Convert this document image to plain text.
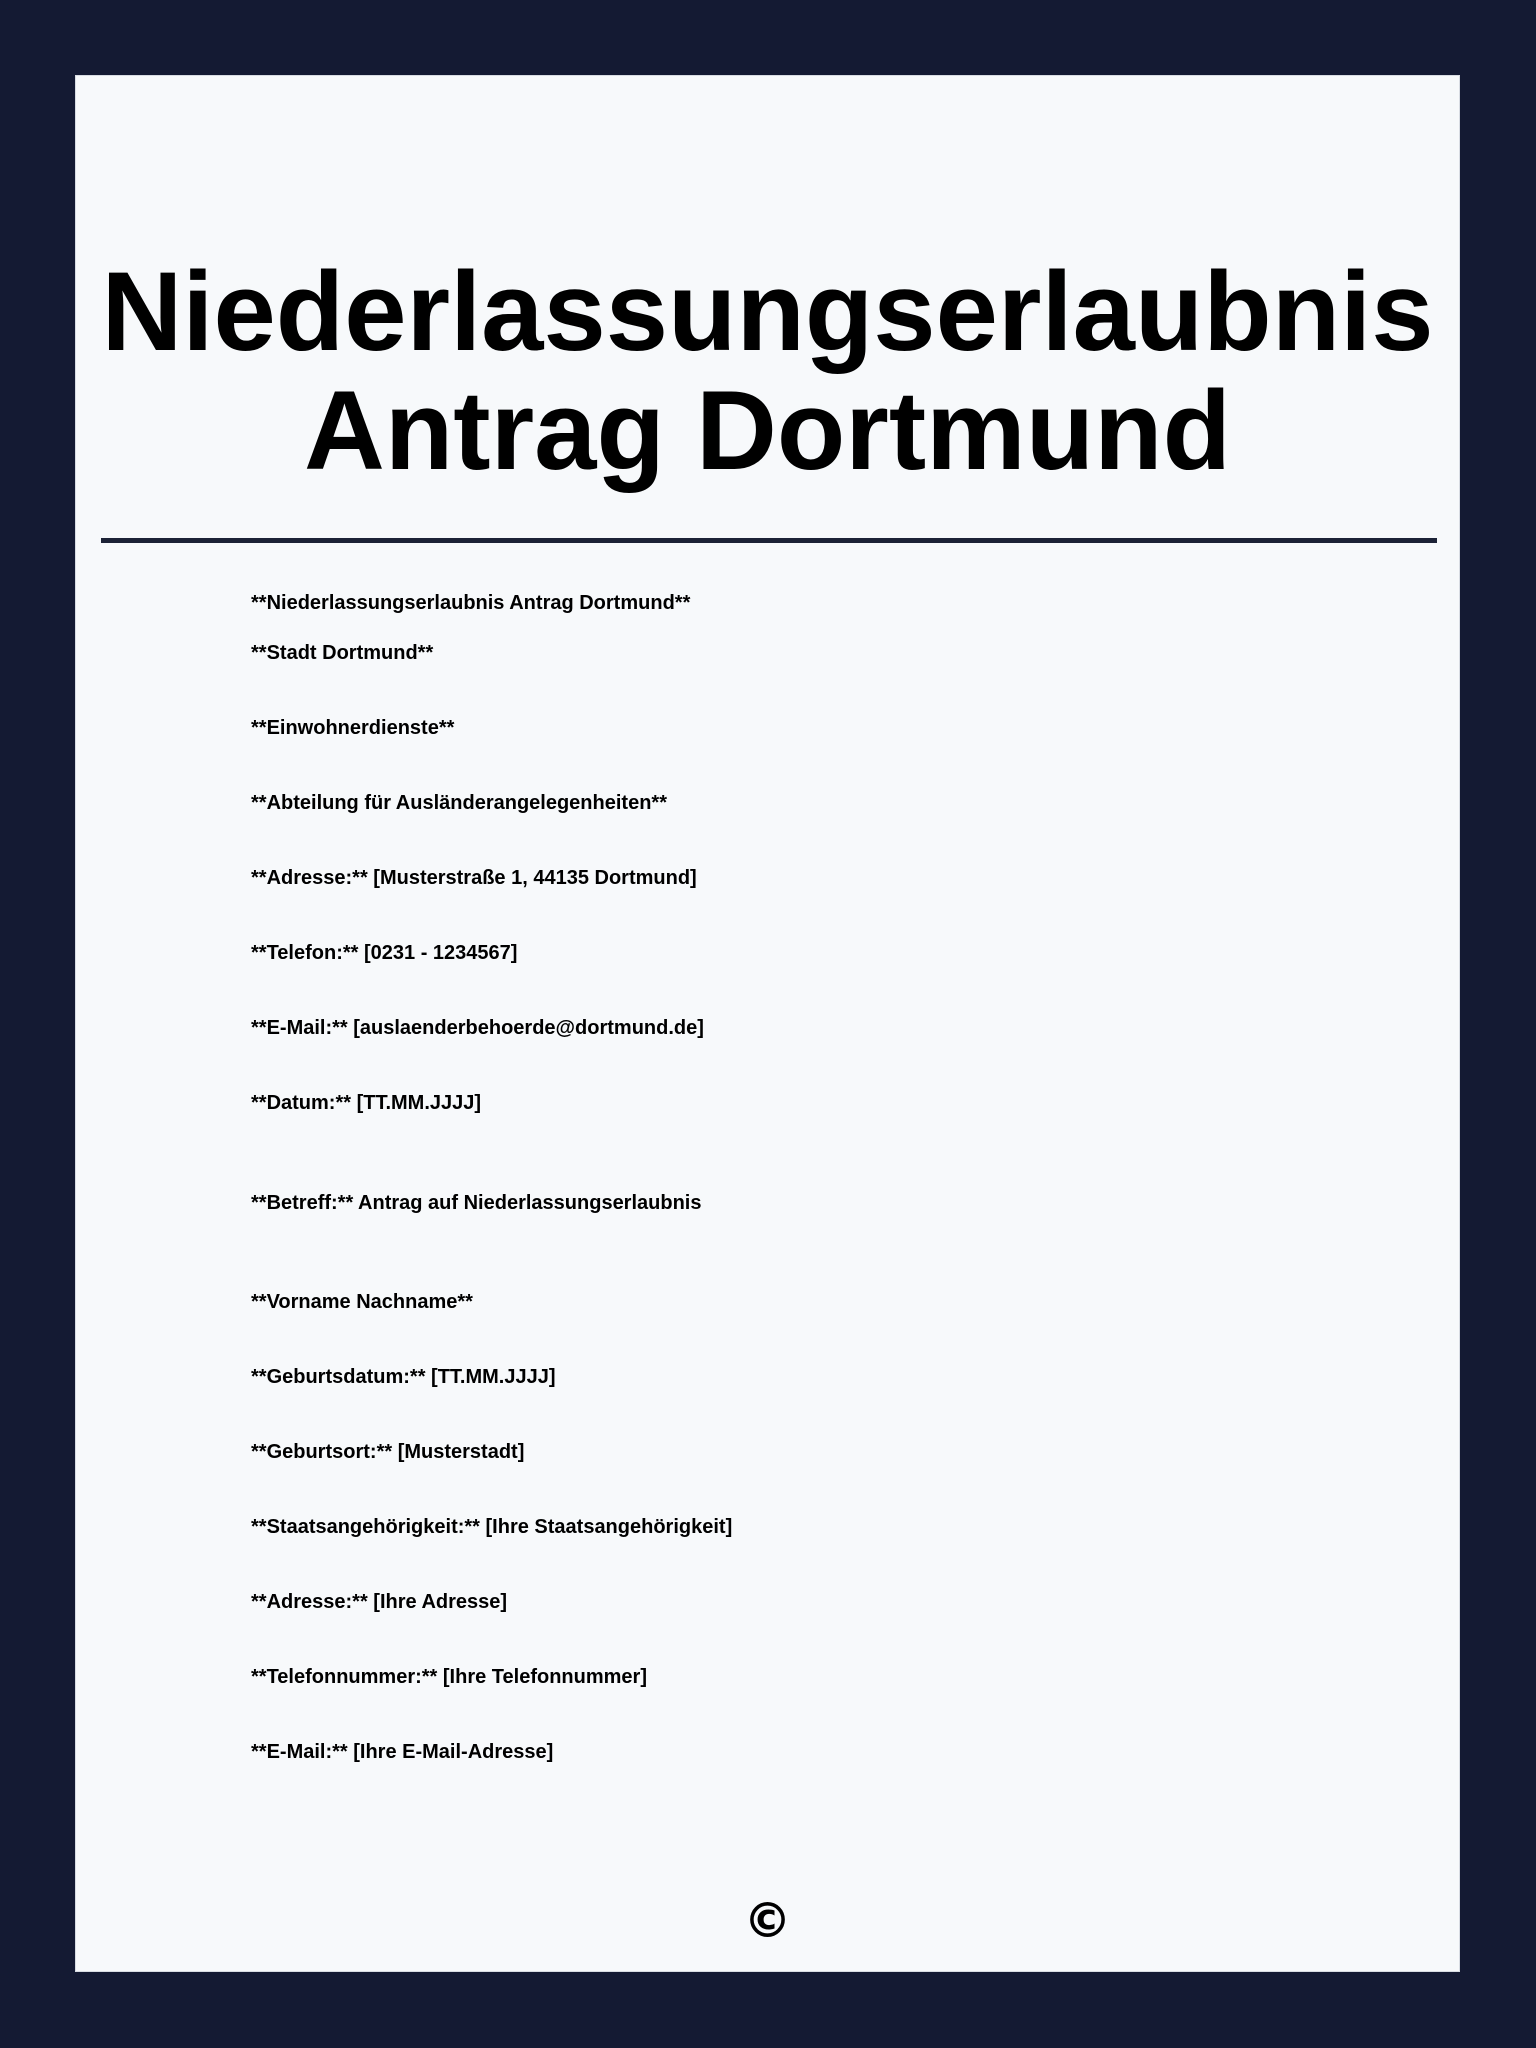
Niederlassungserlaubnis
Antrag Dortmund
**Niederlassungserlaubnis Antrag Dortmund**
**Stadt Dortmund**
**Einwohnerdienste**
**Abteilung für Ausländerangelegenheiten**
**Adresse:** [Musterstraße 1, 44135 Dortmund]
**Telefon:** [0231 - 1234567]
**E-Mail:** [auslaenderbehoerde@dortmund.de]
**Datum:** [TT.MM.JJJJ]
**Betreff:** Antrag auf Niederlassungserlaubnis
**Vorname Nachname**
**Geburtsdatum:** [TT.MM.JJJJ]
**Geburtsort:** [Musterstadt]
**Staatsangehörigkeit:** [Ihre Staatsangehörigkeit]
**Adresse:** [Ihre Adresse]
**Telefonnummer:** [Ihre Telefonnummer]
**E-Mail:** [Ihre E-Mail-Adresse]
©
